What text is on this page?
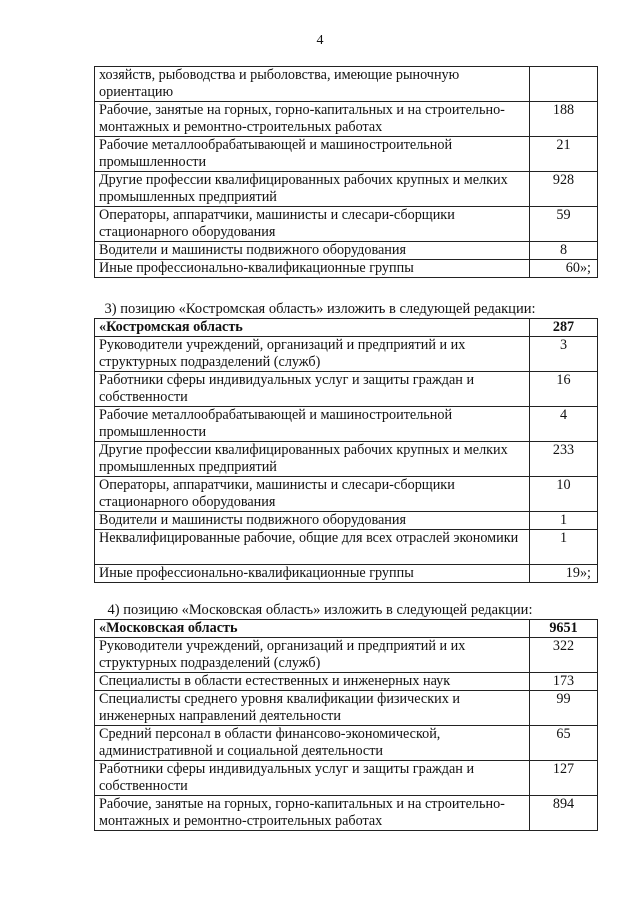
4
хозяйств, рыбоводства и рыболовства, имеющие рыночную ориентацию	
Рабочие, занятые на горных, горно-капитальных и на строительно-монтажных и ремонтно-строительных работах	188
Рабочие металлообрабатывающей и машиностроительной промышленности	21
Другие профессии квалифицированных рабочих крупных и мелких промышленных предприятий	928
Операторы, аппаратчики, машинисты и слесари-сборщики стационарного оборудования	59
Водители и машинисты подвижного оборудования	8
Иные профессионально-квалификационные группы	60»;
3) позицию «Костромская область» изложить в следующей редакции:
«Костромская область	287
Руководители учреждений, организаций и предприятий и их структурных подразделений (служб)	3
Работники сферы индивидуальных услуг и защиты граждан и собственности	16
Рабочие металлообрабатывающей и машиностроительной промышленности	4
Другие профессии квалифицированных рабочих крупных и мелких промышленных предприятий	233
Операторы, аппаратчики, машинисты и слесари-сборщики стационарного оборудования	10
Водители и машинисты подвижного оборудования	1
Неквалифицированные рабочие, общие для всех отраслей экономики	1
Иные профессионально-квалификационные группы	19»;
4) позицию «Московская область» изложить в следующей редакции:
«Московская область	9651
Руководители учреждений, организаций и предприятий и их структурных подразделений (служб)	322
Специалисты в области естественных и инженерных наук	173
Специалисты среднего уровня квалификации физических и инженерных направлений деятельности	99
Средний персонал в области финансово-экономической, административной и социальной деятельности	65
Работники сферы индивидуальных услуг и защиты граждан и собственности	127
Рабочие, занятые на горных, горно-капитальных и на строительно-монтажных и ремонтно-строительных работах	894
